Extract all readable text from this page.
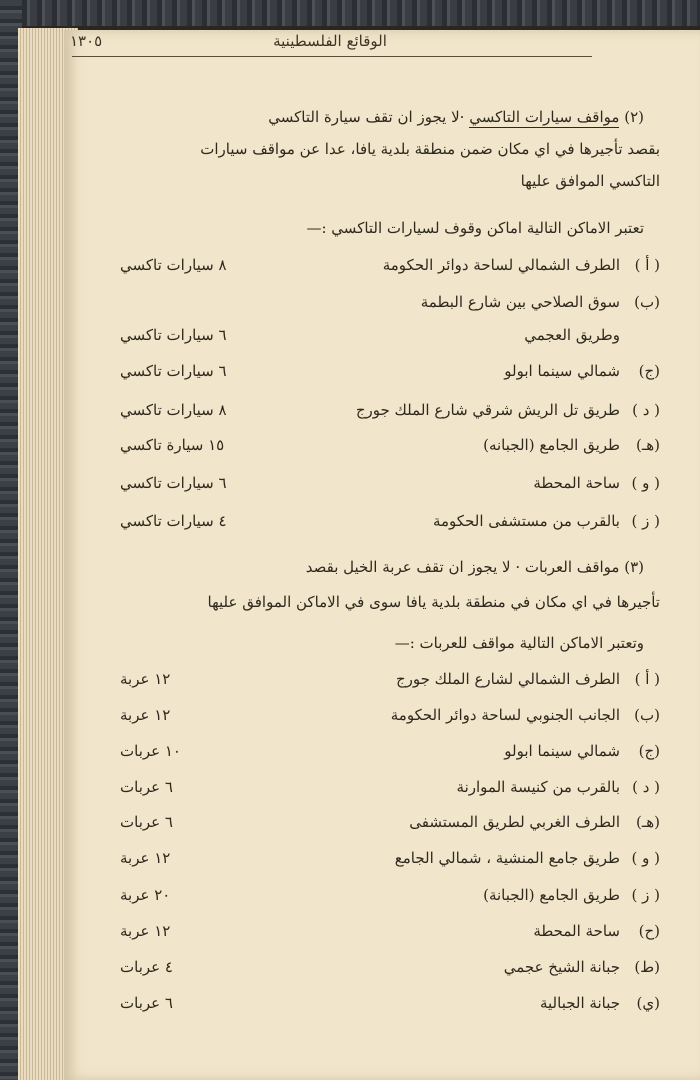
الوقائع الفلسطينية
١٣٠٥
(٢) مواقف سيارات التاكسي ·لا يجوز ان تقف سيارة التاكسي
بقصد تأجيرها في اي مكان ضمن منطقة بلدية يافا، عدا عن مواقف سيارات
التاكسي الموافق عليها
تعتبر الاماكن التالية اماكن وقوف لسيارات التاكسي :—
( أ )
الطرف الشمالي لساحة دوائر الحكومة
٨ سيارات تاكسي
(ب)
سوق الصلاحي بين شارع البطمة
وطريق العجمي
٦ سيارات تاكسي
(ج)
شمالي سينما ابولو
٦ سيارات تاكسي
( د )
طريق تل الريش شرقي شارع الملك جورج
٨ سيارات تاكسي
(هـ)
طريق الجامع (الجبانه)
١٥ سيارة تاكسي
( و )
ساحة المحطة
٦ سيارات تاكسي
( ز )
بالقرب من مستشفى الحكومة
٤ سيارات تاكسي
(٣) مواقف العربات · لا يجوز ان تقف عربة الخيل بقصد
تأجيرها في اي مكان في منطقة بلدية يافا سوى في الاماكن الموافق عليها
وتعتبر الاماكن التالية مواقف للعربات :—
( أ )
الطرف الشمالي لشارع الملك جورج
١٢ عربة
(ب)
الجانب الجنوبي لساحة دوائر الحكومة
١٢ عربة
(ج)
شمالي سينما ابولو
١٠ عربات
( د )
بالقرب من كنيسة الموارنة
٦ عربات
(هـ)
الطرف الغربي لطريق المستشفى
٦ عربات
( و )
طريق جامع المنشية ، شمالي الجامع
١٢ عربة
( ز )
طريق الجامع (الجبانة)
٢٠ عربة
(ح)
ساحة المحطة
١٢ عربة
(ط)
جبانة الشيخ عجمي
٤ عربات
(ي)
جبانة الجبالية
٦ عربات
